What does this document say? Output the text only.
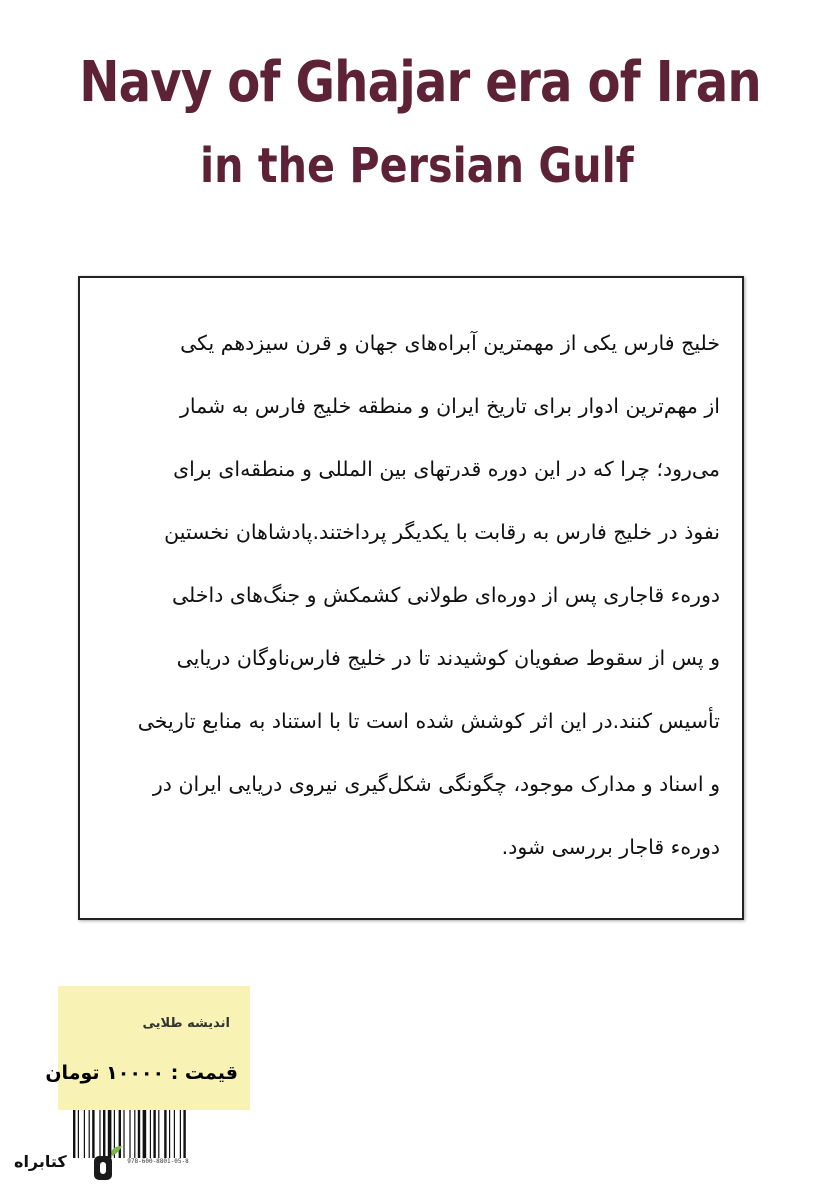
Navy of Ghajar era of Iran
in the Persian Gulf
خلیج فارس یکی از مهمترین آبراه‌های جهان و قرن سیزدهم یکی
از مهم‌ترین ادوار برای تاریخ ایران و منطقه خلیج فارس به شمار
می‌رود؛ چرا که در این دوره قدرتهای بین المللی و منطقه‌ای برای
نفوذ در خلیج فارس به رقابت با یکدیگر پرداختند.پادشاهان نخستین
دوره‌ء قاجاری پس از دوره‌ای طولانی کشمکش و جنگ‌های داخلی
و پس از سقوط صفویان کوشیدند تا در خلیج فارس‌ناوگان دریایی
تأسیس کنند.در این اثر کوشش شده است تا با استناد به منابع تاریخی
و اسناد و مدارک موجود، چگونگی شکل‌گیری نیروی دریایی ایران در
دوره‌ء قاجار بررسی شود.
اندیشه طلایی
قیمت : ۱۰۰۰۰ تومان
978-600-8801-05-8
کتابراه
